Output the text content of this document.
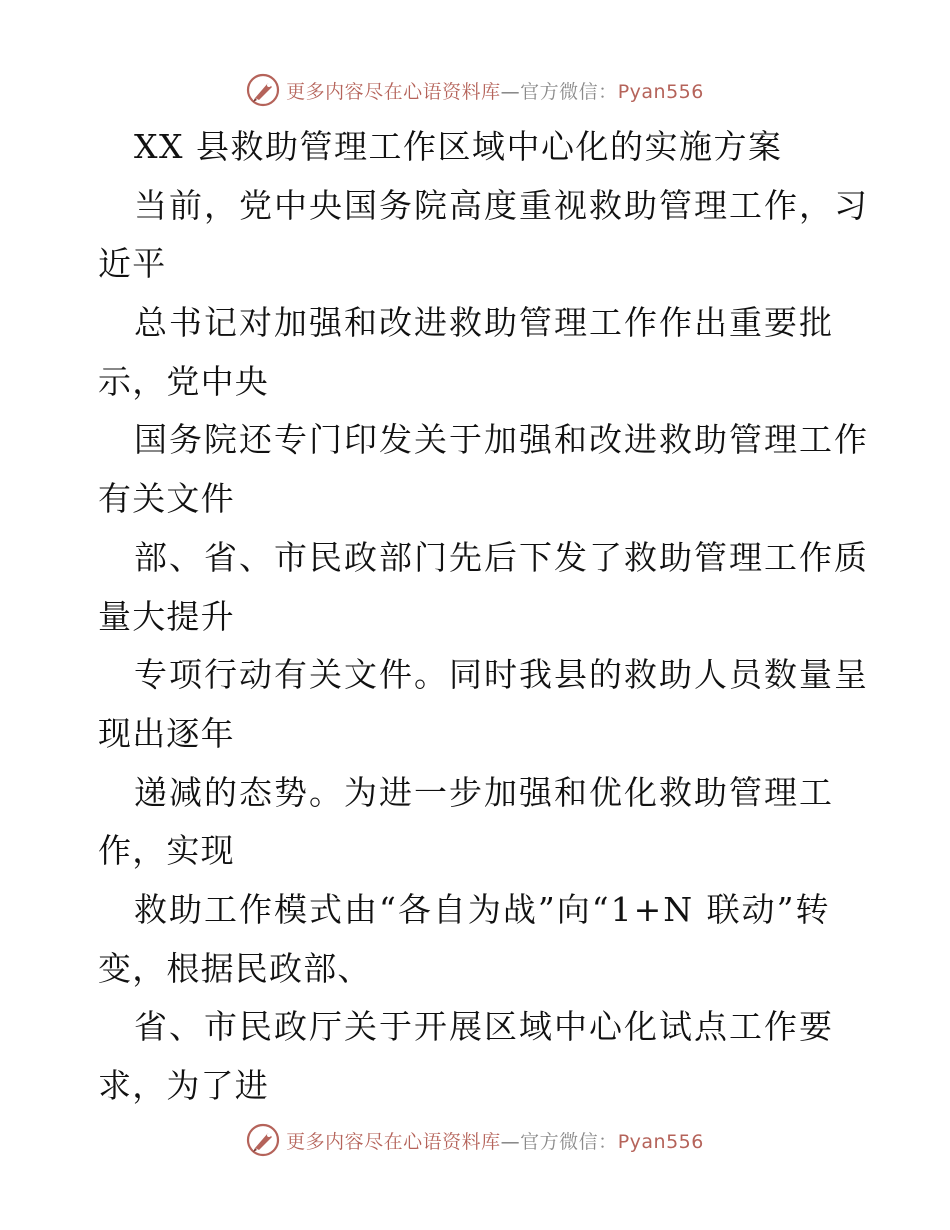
更多内容尽在心语资料库—官方微信：Pyan556
XX 县救助管理工作区域中心化的实施方案
当前，党中央国务院高度重视救助管理工作，习
近平
总书记对加强和改进救助管理工作作出重要批
示，党中央
国务院还专门印发关于加强和改进救助管理工作
有关文件
部、省、市民政部门先后下发了救助管理工作质
量大提升
专项行动有关文件。同时我县的救助人员数量呈
现出逐年
递减的态势。为进一步加强和优化救助管理工
作，实现
救助工作模式由“各自为战”向“1+N 联动”转
变，根据民政部、
省、市民政厅关于开展区域中心化试点工作要
求，为了进
更多内容尽在心语资料库—官方微信：Pyan556
